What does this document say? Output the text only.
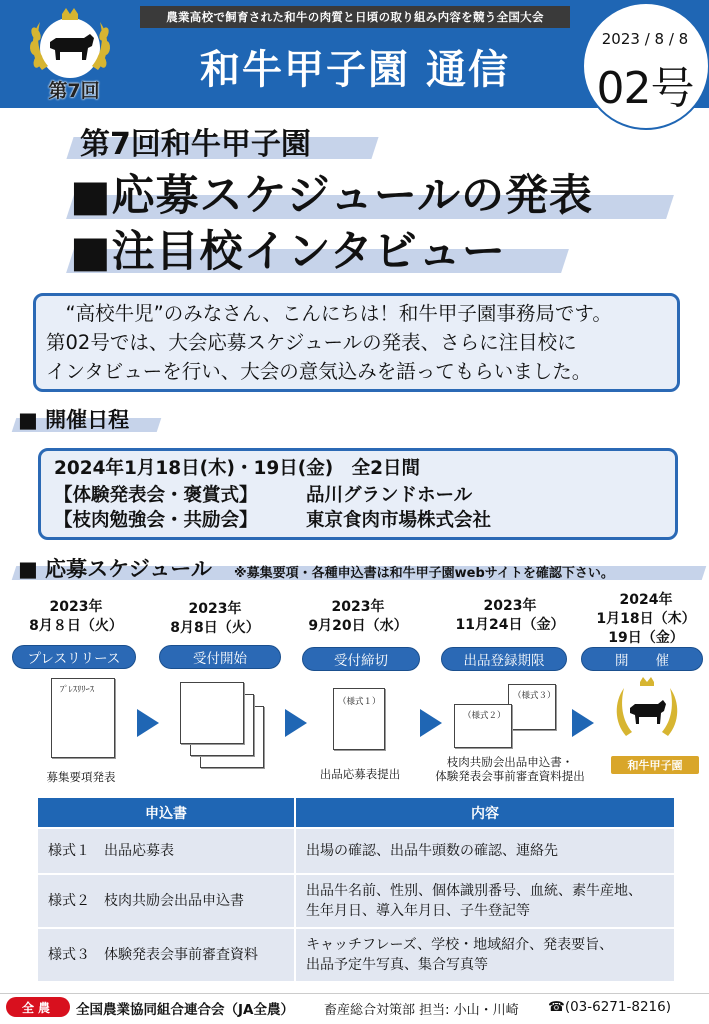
第7回
農業高校で飼育された和牛の肉質と日頃の取り組み内容を競う全国大会
和牛甲子園 通信
2023 / 8 / 8
02号
第7回和牛甲子園
■応募スケジュールの発表
■注目校インタビュー
　“高校牛児”のみなさん、こんにちは！和牛甲子園事務局です。
第02号では、大会応募スケジュールの発表、さらに注目校に
インタビューを行い、大会の意気込みを語ってもらいました。
■ 開催日程
2024年1月18日(木)・19日(金)　全2日間
【体験発表会・褒賞式】	品川グランドホール
【枝肉勉強会・共励会】	東京食肉市場株式会社
■ 応募スケジュール ※募集要項・各種申込書は和牛甲子園webサイトを確認下さい。
2023年
8月８日（火）
プレスリリース
ﾌﾟﾚｽﾘﾘｰｽ
募集要項発表
2023年
8月8日（火）
受付開始
2023年
9月20日（水）
受付締切
（様式１）
出品応募表提出
2023年
11月24日（金）
出品登録期限
（様式３）
（様式２）
枝肉共励会出品申込書・
体験発表会事前審査資料提出
2024年
1月18日（木）
19日（金）
開　　催
和牛甲子園
申込書	内容
様式１　出品応募表	出場の確認、出品牛頭数の確認、連絡先

様式２　枝肉共励会出品申込書	出品牛名前、性別、個体識別番号、血統、素牛産地、
生年月日、導入年月日、子牛登記等

様式３　体験発表会事前審査資料	キャッチフレーズ、学校・地域紹介、発表要旨、
出品予定牛写真、集合写真等
全農	全国農業協同組合連合会（JA全農） 畜産総合対策部 担当: 小山・川崎 ☎(03-6271-8216)
